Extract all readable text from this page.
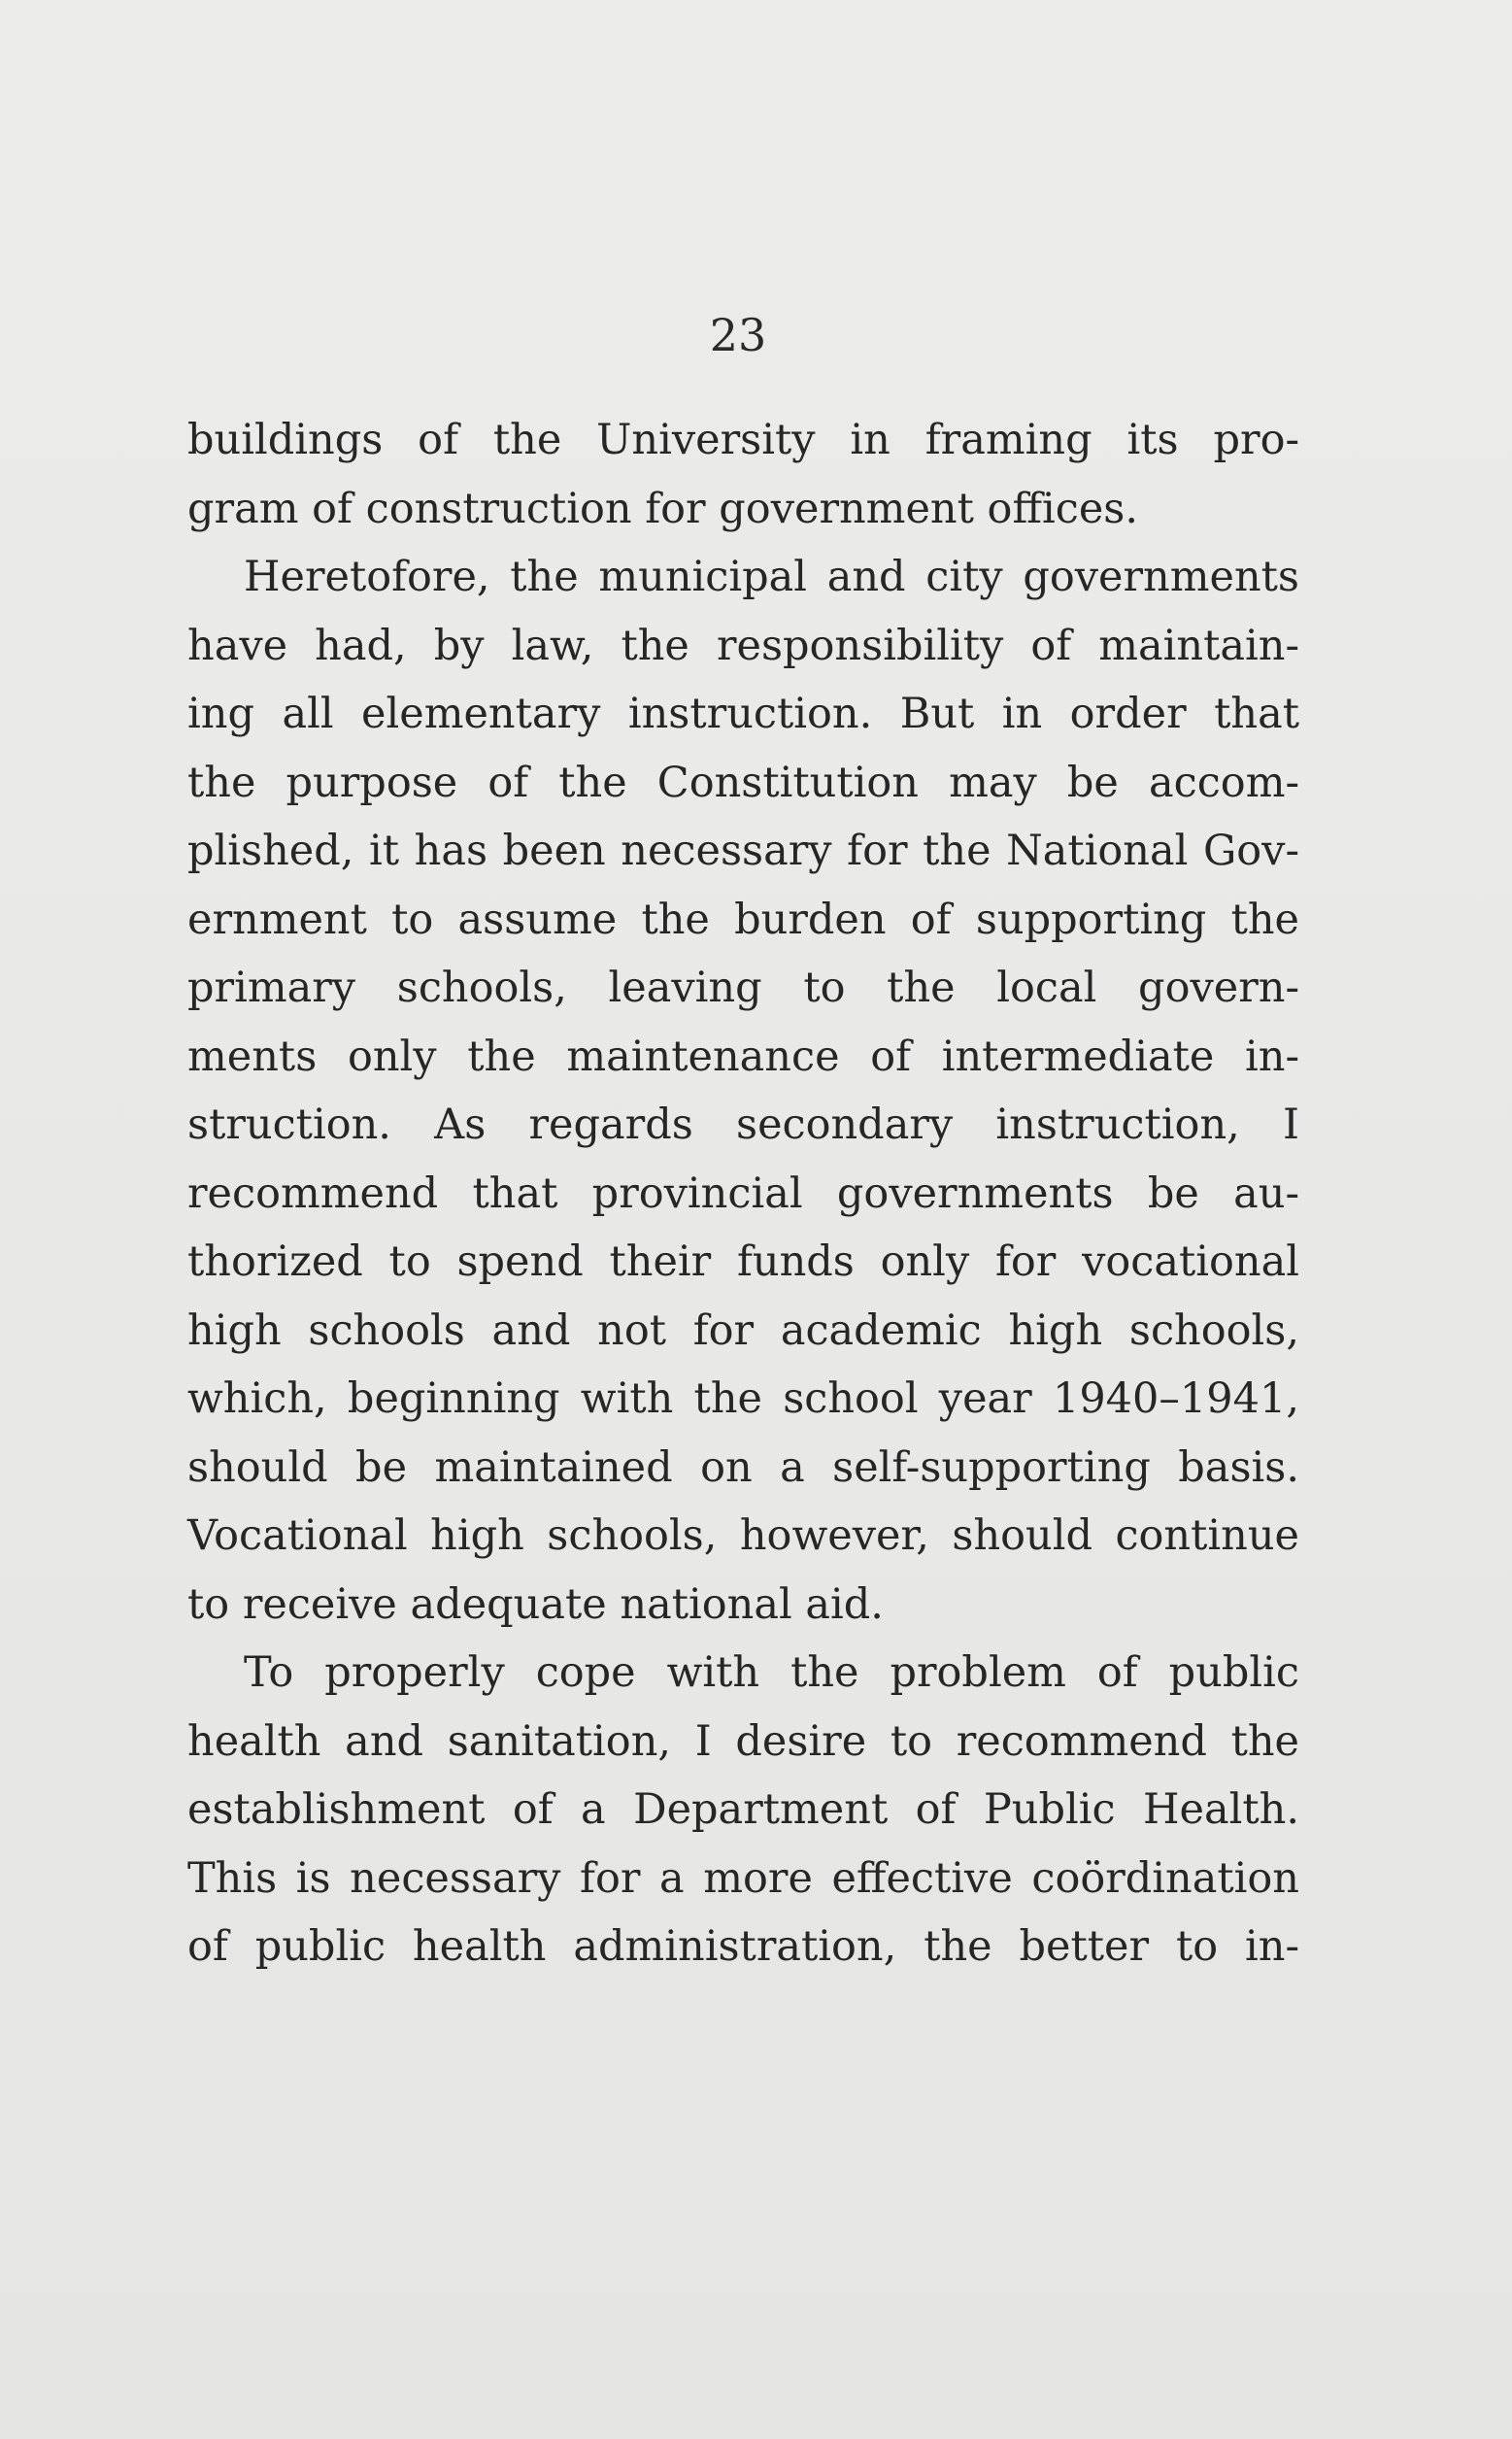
23
buildings of the University in framing its pro-
gram of construction for government offices.
Heretofore, the municipal and city governments
have had, by law, the responsibility of maintain-
ing all elementary instruction. But in order that
the purpose of the Constitution may be accom-
plished, it has been necessary for the National Gov-
ernment to assume the burden of supporting the
primary schools, leaving to the local govern-
ments only the maintenance of intermediate in-
struction. As regards secondary instruction, I
recommend that provincial governments be au-
thorized to spend their funds only for vocational
high schools and not for academic high schools,
which, beginning with the school year 1940–1941,
should be maintained on a self-supporting basis.
Vocational high schools, however, should continue
to receive adequate national aid.
To properly cope with the problem of public
health and sanitation, I desire to recommend the
establishment of a Department of Public Health.
This is necessary for a more effective coördination
of public health administration, the better to in-
